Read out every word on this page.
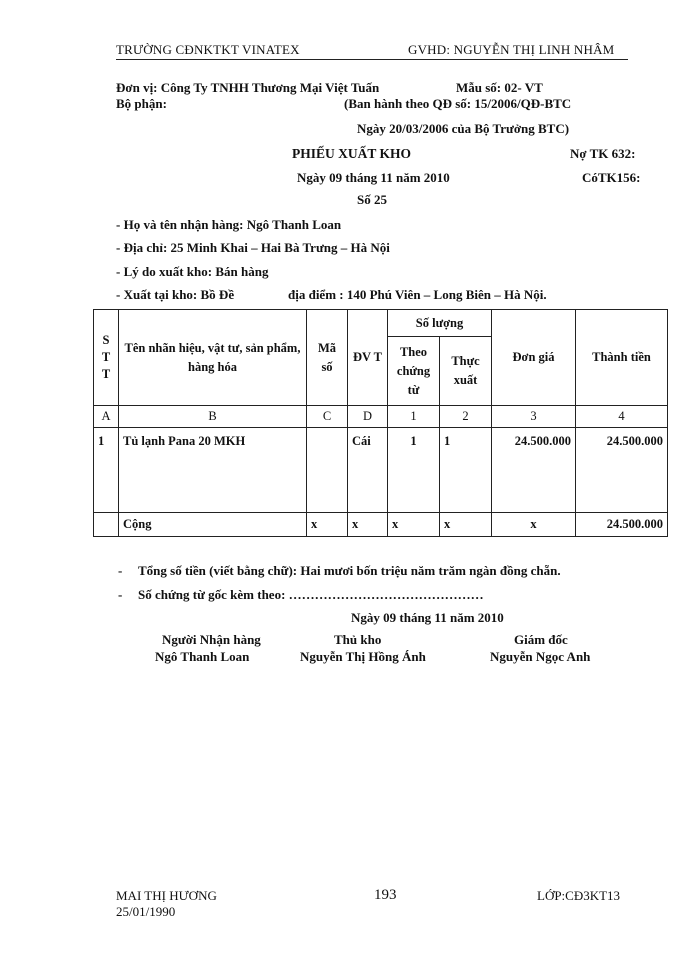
TRƯỜNG CĐNKTKT VINATEX	GVHD: NGUYỄN THỊ LINH NHÂM
Đơn vị: Công Ty TNHH Thương Mại Việt Tuấn	Mẫu số: 02- VT
Bộ phận:	(Ban hành theo QĐ số: 15/2006/QĐ-BTC
Ngày 20/03/2006 của Bộ Trưởng BTC)
PHIẾU XUẤT KHO	Nợ TK 632:
Ngày 09 tháng 11 năm 2010	CóTK156:
Số 25
- Họ và tên nhận hàng: Ngô Thanh Loan
- Địa chỉ: 25 Minh Khai – Hai Bà Trưng – Hà Nội
- Lý do xuất kho: Bán hàng
- Xuất tại kho: Bồ Đề	địa điểm : 140 Phú Viên – Long Biên – Hà Nội.
S
T
T	Tên nhãn hiệu, vật tư, sản phẩm, hàng hóa	Mã số	ĐV T	Số lượng		Đơn giá	Thành tiền
				Theo chứng từ	Thực xuất		
A	B	C	D	1	2	3	4
1	Tủ lạnh Pana 20 MKH		Cái	1	1	24.500.000	24.500.000
	Cộng	x	x	x	x	x	24.500.000
- Tổng số tiền (viết bằng chữ): Hai mươi bốn triệu năm trăm ngàn đồng chẵn.
- Số chứng từ gốc kèm theo: ………………………………………
Ngày 09 tháng 11 năm 2010
Người Nhận hàng
Ngô Thanh Loan
Thủ kho
Nguyễn Thị Hồng Ánh
Giám đốc
Nguyễn Ngọc Anh
MAI THỊ HƯƠNG
25/01/1990
193	LỚP:CĐ3KT13
